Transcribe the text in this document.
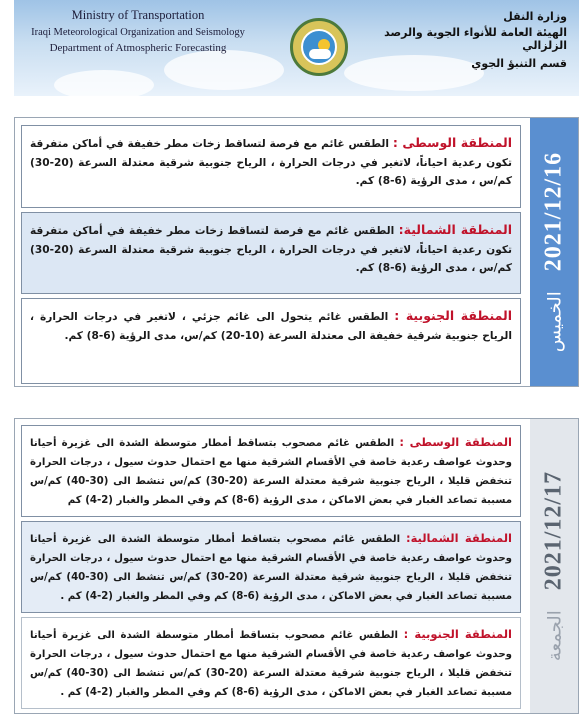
Ministry of Transportation
Iraqi Meteorological Organization and Seismology
Department of Atmospheric Forecasting
وزارة النقل
الهيئة العامة للأنواء الجوية والرصد الزلزالي
قسم التنبؤ الجوي
2021/12/16
الخميس
المنطقة الوسطى : الطقس غائم مع فرصة لتساقط زخات مطر خفيفة في أماكن متفرقة تكون رعدية احياناً، لاتغير في درجات الحرارة ، الرياح جنوبية شرقية معتدلة السرعة (20-30) كم/س ، مدى الرؤية (6-8) كم.
المنطقة الشمالية: الطقس غائم مع فرصة لتساقط زخات مطر خفيفة في أماكن متفرقة تكون رعدية احياناً، لاتغير في درجات الحرارة ، الرياح جنوبية شرقية معتدلة السرعة (20-30) كم/س ، مدى الرؤية (6-8) كم.
المنطقة الجنوبية : الطقس غائم يتحول الى غائم جزئي ، لاتغير في درجات الحرارة ، الرياح جنوبية شرقية خفيفة الى معتدلة السرعة (10-20) كم/س، مدى الرؤية (6-8) كم.
2021/12/17
الجمعة
المنطقة الوسطى : الطقس غائم مصحوب بتساقط أمطار متوسطة الشدة الى غزيرة أحيانا وحدوث عواصف رعدية خاصة في الأقسام الشرقية منها مع احتمال حدوث سيول ، درجات الحرارة تنخفض قليلا ، الرياح جنوبية شرقية معتدلة السرعة (20-30) كم/س تنشط الى (30-40) كم/س مسببة تصاعد الغبار في بعض الاماكن ، مدى الرؤية (6-8) كم وفي المطر والغبار (2-4) كم
المنطقة الشمالية: الطقس غائم مصحوب بتساقط أمطار متوسطة الشدة الى غزيرة أحيانا وحدوث عواصف رعدية خاصة في الأقسام الشرقية منها مع احتمال حدوث سيول ، درجات الحرارة تنخفض قليلا ، الرياح جنوبية شرقية معتدلة السرعة (20-30) كم/س تنشط الى (30-40) كم/س مسببة تصاعد الغبار في بعض الاماكن ، مدى الرؤية (6-8) كم وفي المطر والغبار (2-4) كم .
المنطقة الجنوبية : الطقس غائم مصحوب بتساقط أمطار متوسطة الشدة الى غزيرة أحيانا وحدوث عواصف رعدية خاصة في الأقسام الشرقية منها مع احتمال حدوث سيول ، درجات الحرارة تنخفض قليلا ، الرياح جنوبية شرقية معتدلة السرعة (20-30) كم/س تنشط الى (30-40) كم/س مسببة تصاعد الغبار في بعض الاماكن ، مدى الرؤية (6-8) كم وفي المطر والغبار (2-4) كم .
